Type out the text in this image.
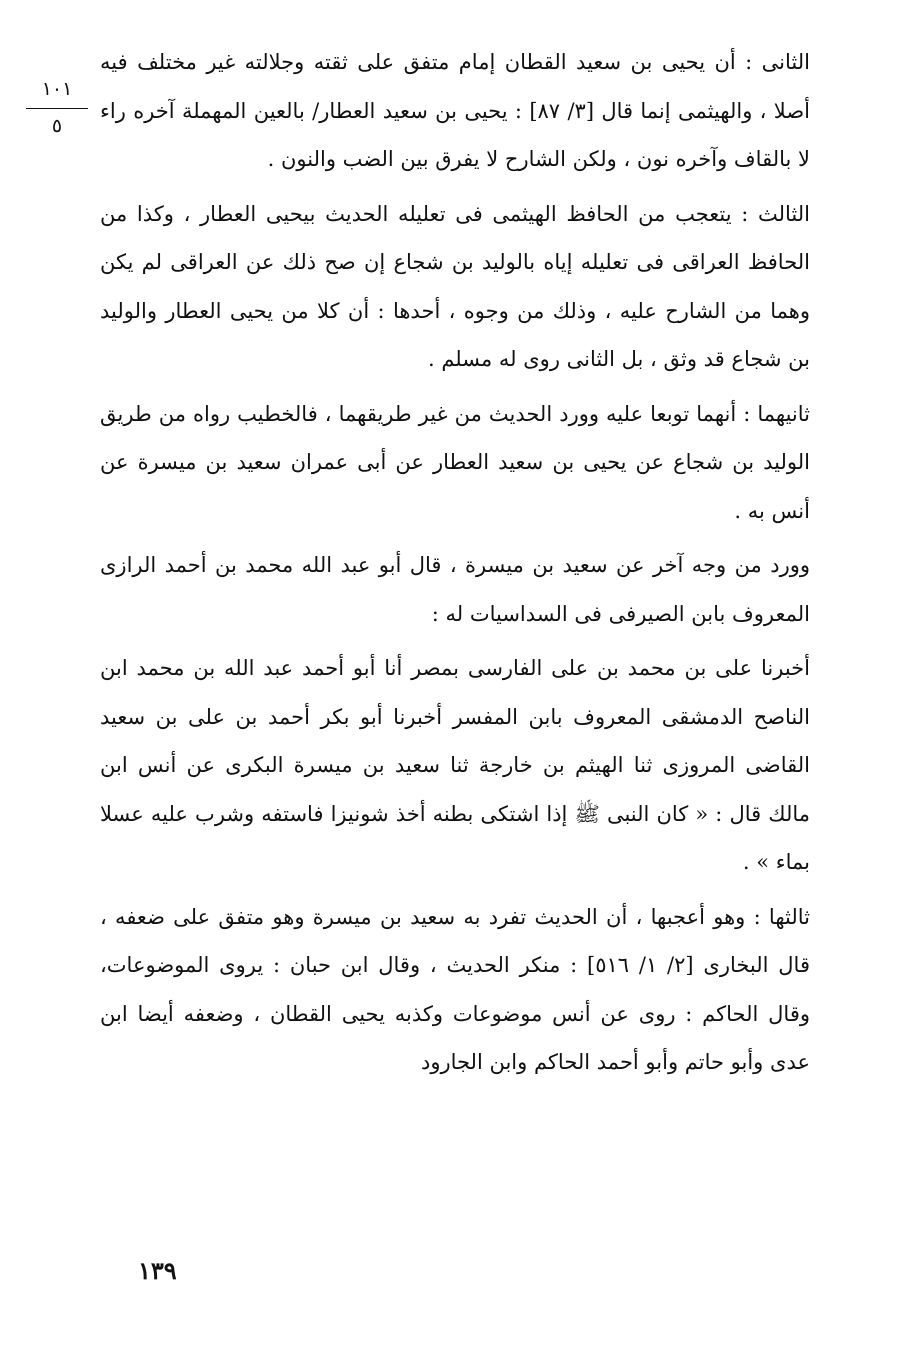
١٠١
٥

الثانى : أن يحيى بن سعيد القطان إمام متفق على ثقته وجلالته غير مختلف فيه أصلا ، والهيثمى إنما قال [٣/ ٨٧] : يحيى بن سعيد العطار/ بالعين المهملة آخره راء لا بالقاف وآخره نون ، ولكن الشارح لا يفرق بين الضب والنون .

الثالث : يتعجب من الحافظ الهيثمى فى تعليله الحديث بيحيى العطار ، وكذا من الحافظ العراقى فى تعليله إياه بالوليد بن شجاع إن صح ذلك عن العراقى لم يكن وهما من الشارح عليه ، وذلك من وجوه ، أحدها : أن كلا من يحيى العطار والوليد بن شجاع قد وثق ، بل الثانى روى له مسلم .

ثانيهما : أنهما توبعا عليه وورد الحديث من غير طريقهما ، فالخطيب رواه من طريق الوليد بن شجاع عن يحيى بن سعيد العطار عن أبى عمران سعيد بن ميسرة عن أنس به .

وورد من وجه آخر عن سعيد بن ميسرة ، قال أبو عبد الله محمد بن أحمد الرازى المعروف بابن الصيرفى فى السداسيات له :

أخبرنا على بن محمد بن على الفارسى بمصر أنا أبو أحمد عبد الله بن محمد ابن الناصح الدمشقى المعروف بابن المفسر أخبرنا أبو بكر أحمد بن على بن سعيد القاضى المروزى ثنا الهيثم بن خارجة ثنا سعيد بن ميسرة البكرى عن أنس ابن مالك قال : « كان النبى ﷺ إذا اشتكى بطنه أخذ شونيزا فاستفه وشرب عليه عسلا بماء » .

ثالثها : وهو أعجبها ، أن الحديث تفرد به سعيد بن ميسرة وهو متفق على ضعفه ، قال البخارى [٢/ ١/ ٥١٦] : منكر الحديث ، وقال ابن حبان : يروى الموضوعات، وقال الحاكم : روى عن أنس موضوعات وكذبه يحيى القطان ، وضعفه أيضا ابن عدى وأبو حاتم وأبو أحمد الحاكم وابن الجارود

١٣٩
